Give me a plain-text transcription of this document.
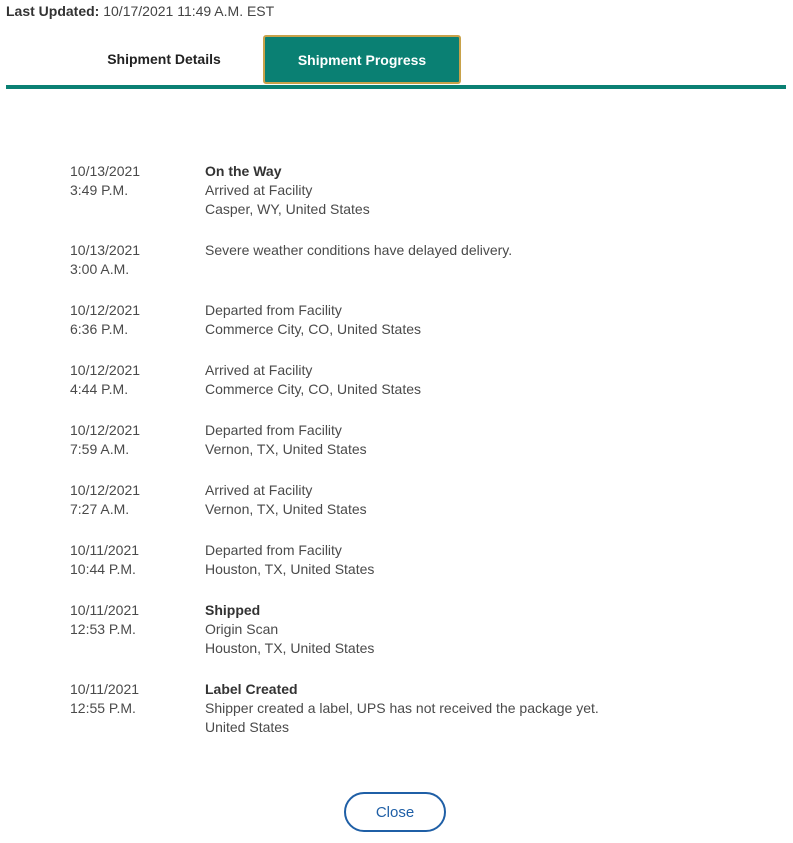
Last Updated: 10/17/2021 11:49 A.M. EST
Shipment Details	Shipment Progress
10/13/2021
3:49 P.M.
On the Way
Arrived at Facility
Casper, WY, United States
10/13/2021
3:00 A.M.
Severe weather conditions have delayed delivery.
10/12/2021
6:36 P.M.
Departed from Facility
Commerce City, CO, United States
10/12/2021
4:44 P.M.
Arrived at Facility
Commerce City, CO, United States
10/12/2021
7:59 A.M.
Departed from Facility
Vernon, TX, United States
10/12/2021
7:27 A.M.
Arrived at Facility
Vernon, TX, United States
10/11/2021
10:44 P.M.
Departed from Facility
Houston, TX, United States
10/11/2021
12:53 P.M.
Shipped
Origin Scan
Houston, TX, United States
10/11/2021
12:55 P.M.
Label Created
Shipper created a label, UPS has not received the package yet.
United States
Close
